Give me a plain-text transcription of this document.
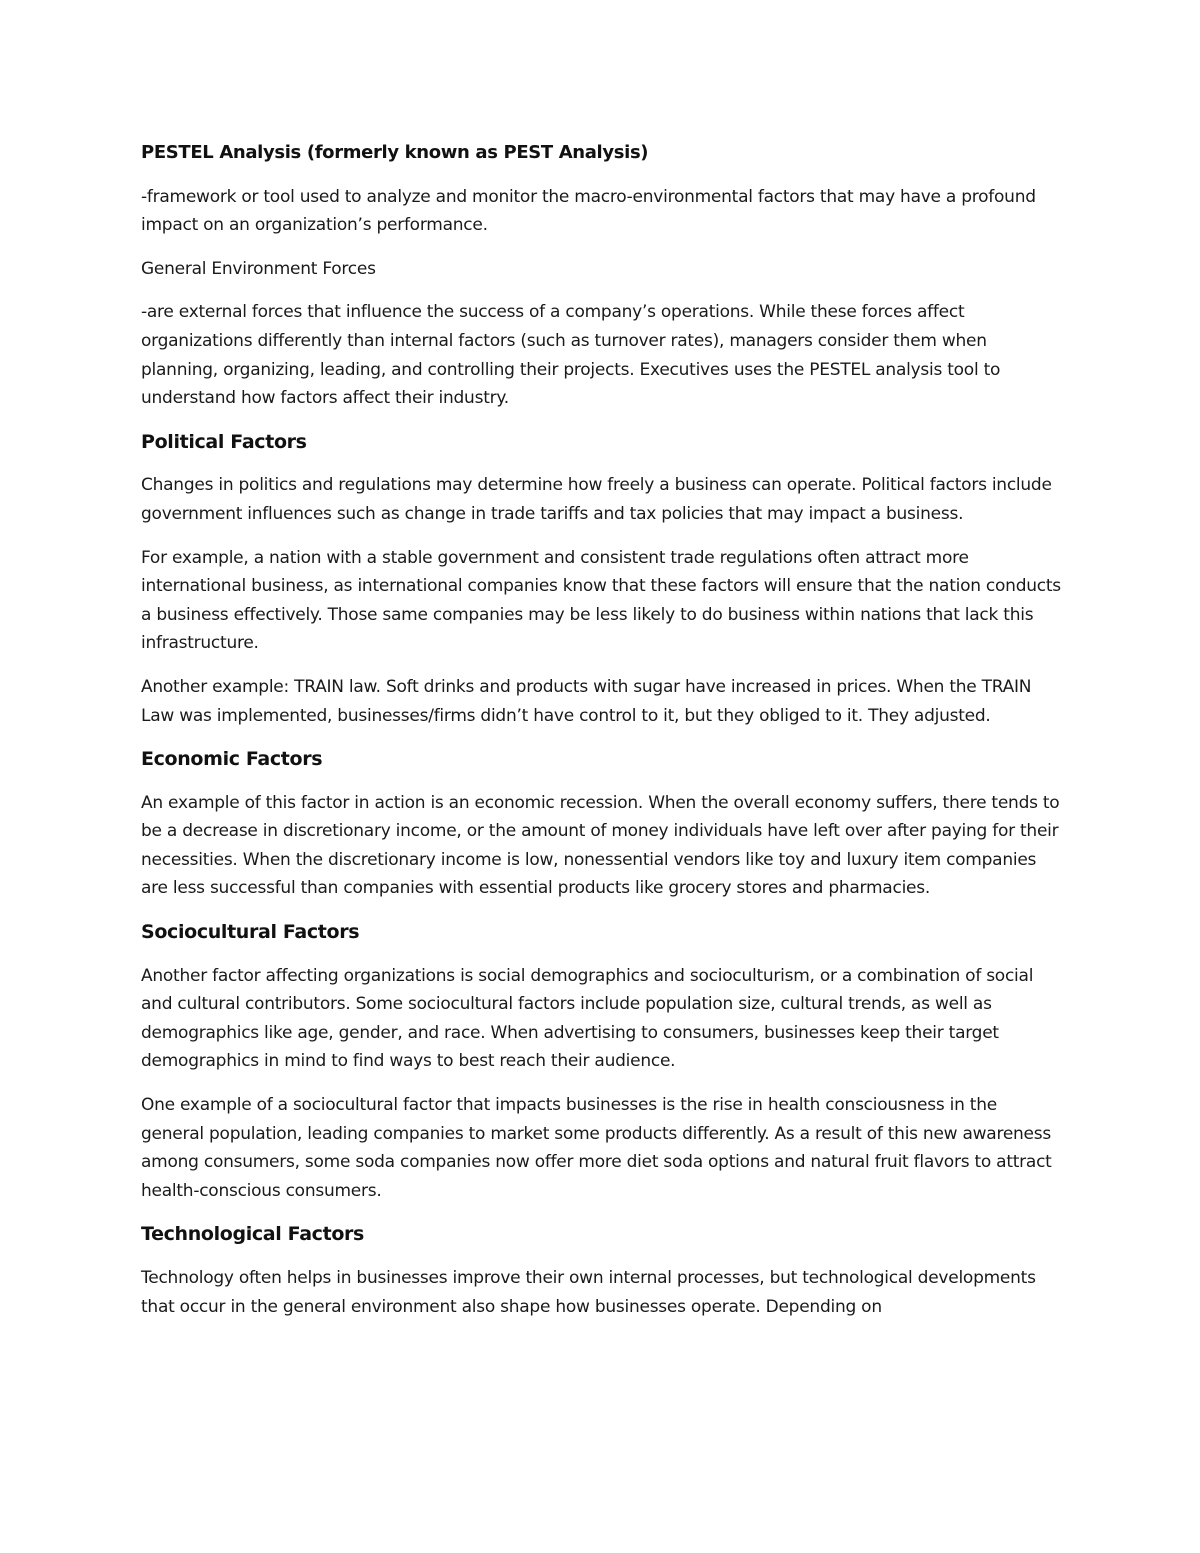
PESTEL Analysis (formerly known as PEST Analysis)

-framework or tool used to analyze and monitor the macro-environmental factors that may have a profound impact on an organization’s performance.

General Environment Forces

-are external forces that influence the success of a company’s operations. While these forces affect organizations differently than internal factors (such as turnover rates), managers consider them when planning, organizing, leading, and controlling their projects. Executives uses the PESTEL analysis tool to understand how factors affect their industry.

Political Factors

Changes in politics and regulations may determine how freely a business can operate. Political factors include government influences such as change in trade tariffs and tax policies that may impact a business.

For example, a nation with a stable government and consistent trade regulations often attract more international business, as international companies know that these factors will ensure that the nation conducts a business effectively. Those same companies may be less likely to do business within nations that lack this infrastructure.

Another example: TRAIN law. Soft drinks and products with sugar have increased in prices. When the TRAIN Law was implemented, businesses/firms didn’t have control to it, but they obliged to it. They adjusted.

Economic Factors

An example of this factor in action is an economic recession. When the overall economy suffers, there tends to be a decrease in discretionary income, or the amount of money individuals have left over after paying for their necessities. When the discretionary income is low, nonessential vendors like toy and luxury item companies are less successful than companies with essential products like grocery stores and pharmacies.

Sociocultural Factors

Another factor affecting organizations is social demographics and socioculturism, or a combination of social and cultural contributors. Some sociocultural factors include population size, cultural trends, as well as demographics like age, gender, and race. When advertising to consumers, businesses keep their target demographics in mind to find ways to best reach their audience.

One example of a sociocultural factor that impacts businesses is the rise in health consciousness in the general population, leading companies to market some products differently. As a result of this new awareness among consumers, some soda companies now offer more diet soda options and natural fruit flavors to attract health-conscious consumers.

Technological Factors

Technology often helps in businesses improve their own internal processes, but technological developments that occur in the general environment also shape how businesses operate. Depending on
